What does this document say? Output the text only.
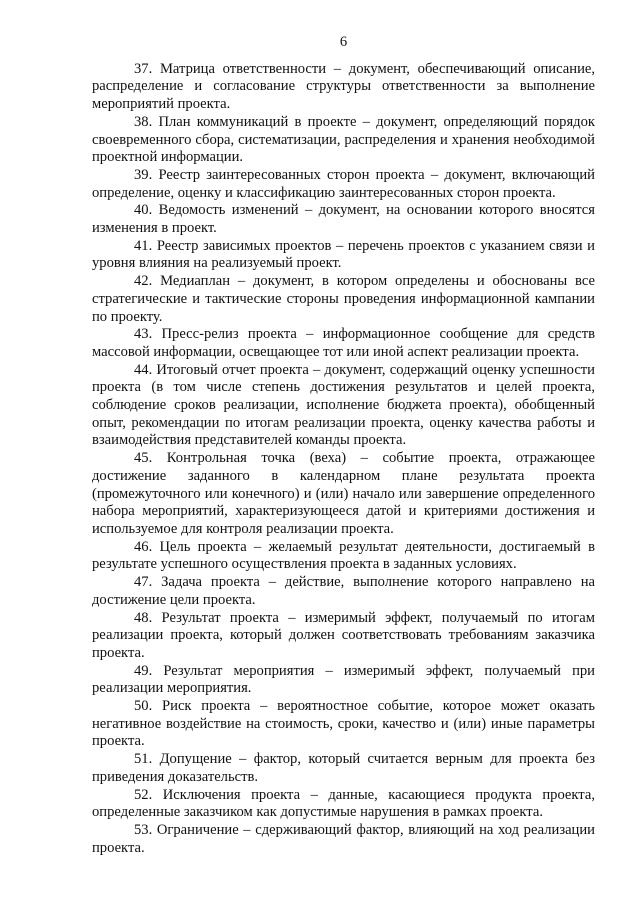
6

37. Матрица ответственности – документ, обеспечивающий описание, распределение и согласование структуры ответственности за выполнение мероприятий проекта.

38. План коммуникаций в проекте – документ, определяющий порядок своевременного сбора, систематизации, распределения и хранения необходимой проектной информации.

39. Реестр заинтересованных сторон проекта – документ, включающий определение, оценку и классификацию заинтересованных сторон проекта.

40. Ведомость изменений – документ, на основании которого вносятся изменения в проект.

41. Реестр зависимых проектов – перечень проектов с указанием связи и уровня влияния на реализуемый проект.

42. Медиаплан – документ, в котором определены и обоснованы все стратегические и тактические стороны проведения информационной кампании по проекту.

43. Пресс-релиз проекта – информационное сообщение для средств массовой информации, освещающее тот или иной аспект реализации проекта.

44. Итоговый отчет проекта – документ, содержащий оценку успешности проекта (в том числе степень достижения результатов и целей проекта, соблюдение сроков реализации, исполнение бюджета проекта), обобщенный опыт, рекомендации по итогам реализации проекта, оценку качества работы и взаимодействия представителей команды проекта.

45. Контрольная точка (веха) – событие проекта, отражающее достижение заданного в календарном плане результата проекта (промежуточного или конечного) и (или) начало или завершение определенного набора мероприятий, характеризующееся датой и критериями достижения и используемое для контроля реализации проекта.

46. Цель проекта – желаемый результат деятельности, достигаемый в результате успешного осуществления проекта в заданных условиях.

47. Задача проекта – действие, выполнение которого направлено на достижение цели проекта.

48. Результат проекта – измеримый эффект, получаемый по итогам реализации проекта, который должен соответствовать требованиям заказчика проекта.

49. Результат мероприятия – измеримый эффект, получаемый при реализации мероприятия.

50. Риск проекта – вероятностное событие, которое может оказать негативное воздействие на стоимость, сроки, качество и (или) иные параметры проекта.

51. Допущение – фактор, который считается верным для проекта без приведения доказательств.

52. Исключения проекта – данные, касающиеся продукта проекта, определенные заказчиком как допустимые нарушения в рамках проекта.

53. Ограничение – сдерживающий фактор, влияющий на ход реализации проекта.
